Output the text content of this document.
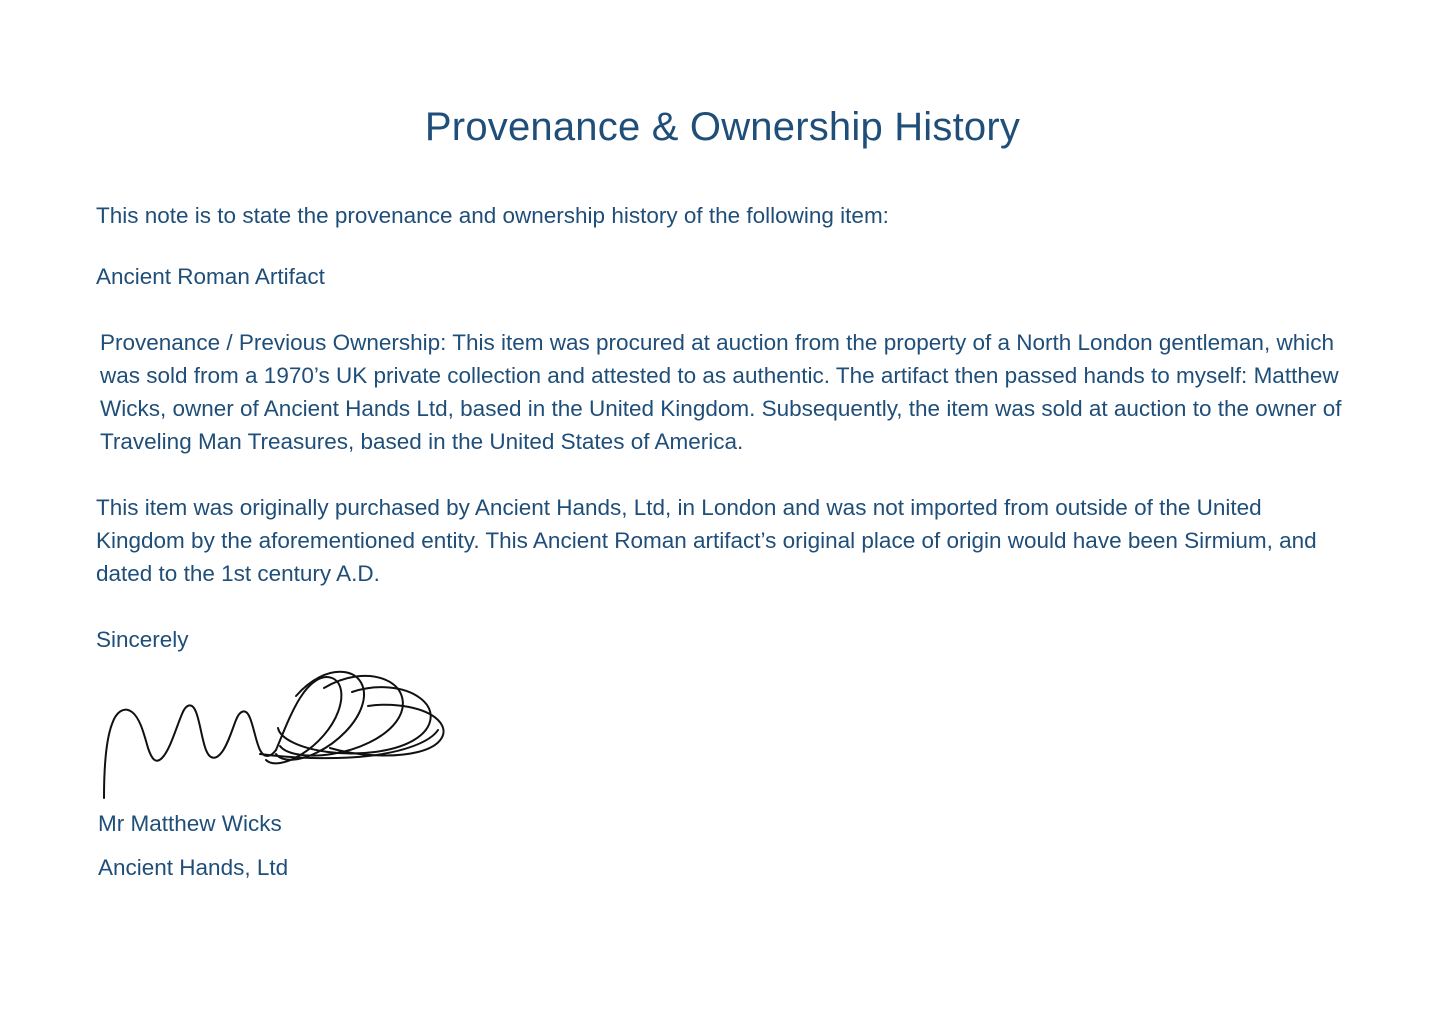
Provenance & Ownership History

This note is to state the provenance and ownership history of the following item:

Ancient Roman Artifact

Provenance / Previous Ownership: This item was procured at auction from the property of a North London gentleman, which was sold from a 1970’s UK private collection and attested to as authentic. The artifact then passed hands to myself: Matthew Wicks, owner of Ancient Hands Ltd, based in the United Kingdom. Subsequently, the item was sold at auction to the owner of Traveling Man Treasures, based in the United States of America.

This item was originally purchased by Ancient Hands, Ltd, in London and was not imported from outside of the United Kingdom by the aforementioned entity. This Ancient Roman artifact’s original place of origin would have been Sirmium, and dated to the 1st century A.D.

Sincerely

Mr Matthew Wicks
Ancient Hands, Ltd
